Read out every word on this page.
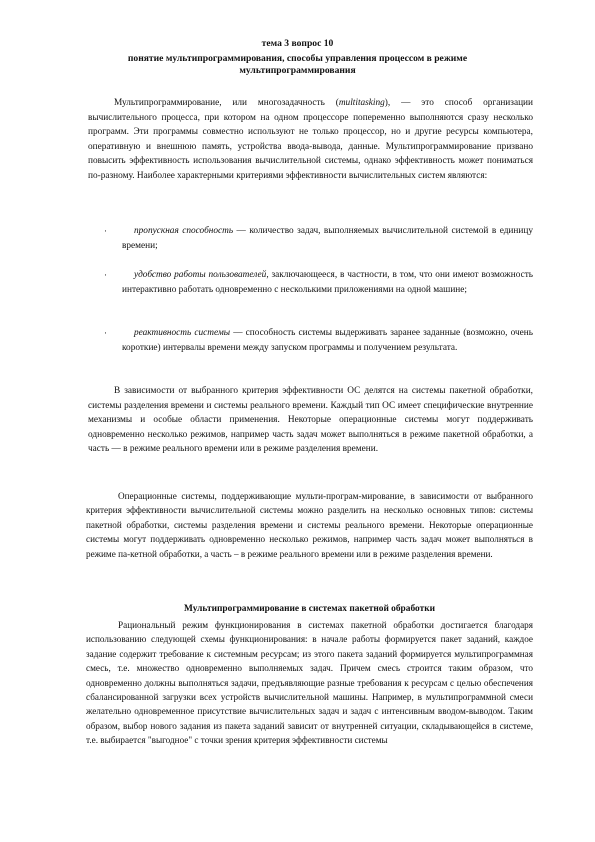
тема 3 вопрос 10
понятие мультипрограммирования, способы управления процессом в режиме
мультипрограммирования

Мультипрограммирование, или многозадачность (multitasking), — это способ организации вычислительного процесса, при котором на одном процессоре попеременно выполняются сразу несколько программ. Эти программы совместно используют не только процессор, но и другие ресурсы компьютера, оперативную и внешнюю память, устройства ввода-вывода, данные. Мультипрограммирование призвано повысить эффективность использования вычислительной системы, однако эффективность может пониматься по-разному. Наиболее характерными критериями эффективности вычислительных систем являются:

·	пропускная способность — количество задач, выполняемых вычислительной системой в единицу времени;
·	удобство работы пользователей, заключающееся, в частности, в том, что они имеют возможность интерактивно работать одновременно с несколькими приложениями на одной машине;
·	реактивность системы — способность системы выдерживать заранее заданные (возможно, очень короткие) интервалы времени между запуском программы и получением результата.

В зависимости от выбранного критерия эффективности ОС делятся на системы пакетной обработки, системы разделения времени и системы реального времени. Каждый тип ОС имеет специфические внутренние механизмы и особые области применения. Некоторые операционные системы могут поддерживать одновременно несколько режимов, например часть задач может выполняться в режиме пакетной обработки, а часть — в режиме реального времени или в режиме разделения времени.

Операционные системы, поддерживающие мульти-програм-мирование, в зависимости от выбранного критерия эффективности вычислительной системы можно разделить на несколько основных типов: системы пакетной обработки, системы разделения времени и системы реального времени. Некоторые операционные системы могут поддерживать одновременно несколько режимов, например часть задач может выполняться в режиме па-кетной обработки, а часть – в режиме реального времени или в режиме разделения времени.

Мультипрограммирование в системах пакетной обработки

Рациональный режим функционирования в системах пакетной обработки достигается благодаря использованию следующей схемы функционирования: в начале работы формируется пакет заданий, каждое задание содержит требование к системным ресурсам; из этого пакета заданий формируется мультипрограммная смесь, т.е. множество одновременно выполняемых задач. Причем смесь строится таким образом, что одновременно должны выполняться задачи, предъявляющие разные требования к ресурсам с целью обеспечения сбалансированной загрузки всех устройств вычислительной машины. Например, в мультипрограммной смеси желательно одновременное присутствие вычислительных задач и задач с интенсивным вводом-выводом. Таким образом, выбор нового задания из пакета заданий зависит от внутренней ситуации, складывающейся в системе, т.е. выбирается "выгодное" с точки зрения критерия эффективности системы
